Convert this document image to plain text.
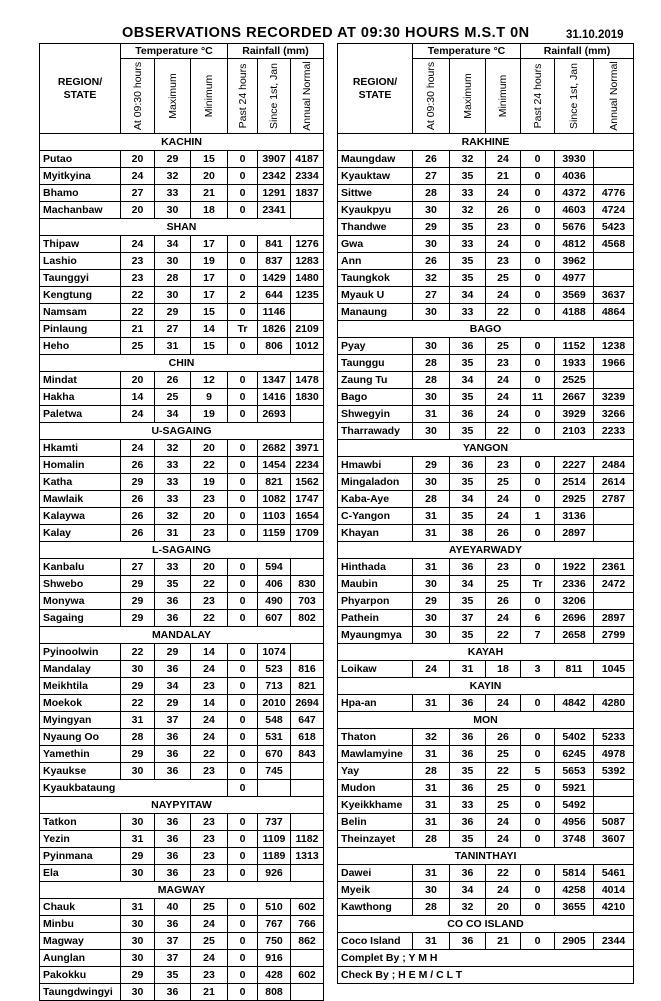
OBSERVATIONS RECORDED AT 09:30 HOURS M.S.T 0N	31.10.2019
REGION/
STATE	Temperature °C			Rainfall (mm)		

	At 09:30 hours	Maximum	Minimum	Past 24 hours	Since 1st, Jan	Annual Normal

KACHIN						
Putao	20	29	15	0	3907	4187
Myitkyina	24	32	20	0	2342	2334
Bhamo	27	33	21	0	1291	1837
Machanbaw	20	30	18	0	2341	
SHAN						
Thipaw	24	34	17	0	841	1276
Lashio	23	30	19	0	837	1283
Taunggyi	23	28	17	0	1429	1480
Kengtung	22	30	17	2	644	1235
Namsam	22	29	15	0	1146	
Pinlaung	21	27	14	Tr	1826	2109
Heho	25	31	15	0	806	1012
CHIN						
Mindat	20	26	12	0	1347	1478
Hakha	14	25	9	0	1416	1830
Paletwa	24	34	19	0	2693	
U-SAGAING						
Hkamti	24	32	20	0	2682	3971
Homalin	26	33	22	0	1454	2234
Katha	29	33	19	0	821	1562
Mawlaik	26	33	23	0	1082	1747
Kalaywa	26	32	20	0	1103	1654
Kalay	26	31	23	0	1159	1709
L-SAGAING						
Kanbalu	27	33	20	0	594	
Shwebo	29	35	22	0	406	830
Monywa	29	36	23	0	490	703
Sagaing	29	36	22	0	607	802
MANDALAY						
Pyinoolwin	22	29	14	0	1074	
Mandalay	30	36	24	0	523	816
Meikhtila	29	34	23	0	713	821
Moekok	22	29	14	0	2010	2694
Myingyan	31	37	24	0	548	647
Nyaung Oo	28	36	24	0	531	618
Yamethin	29	36	22	0	670	843
Kyaukse	30	36	23	0	745	
Kyaukbataung				0		
NAYPYITAW						
Tatkon	30	36	23	0	737	
Yezin	31	36	23	0	1109	1182
Pyinmana	29	36	23	0	1189	1313
Ela	30	36	23	0	926	
MAGWAY						
Chauk	31	40	25	0	510	602
Minbu	30	36	24	0	767	766
Magway	30	37	25	0	750	862
Aunglan	30	37	24	0	916	
Pakokku	29	35	23	0	428	602
Taungdwingyi	30	36	21	0	808	
REGION/
STATE	Temperature °C			Rainfall (mm)		

	At 09:30 hours	Maximum	Minimum	Past 24 hours	Since 1st, Jan	Annual Normal

RAKHINE						
Maungdaw	26	32	24	0	3930	
Kyauktaw	27	35	21	0	4036	
Sittwe	28	33	24	0	4372	4776
Kyaukpyu	30	32	26	0	4603	4724
Thandwe	29	35	23	0	5676	5423
Gwa	30	33	24	0	4812	4568
Ann	26	35	23	0	3962	
Taungkok	32	35	25	0	4977	
Myauk U	27	34	24	0	3569	3637
Manaung	30	33	22	0	4188	4864
BAGO						
Pyay	30	36	25	0	1152	1238
Taunggu	28	35	23	0	1933	1966
Zaung Tu	28	34	24	0	2525	
Bago	30	35	24	11	2667	3239
Shwegyin	31	36	24	0	3929	3266
Tharrawady	30	35	22	0	2103	2233
YANGON						
Hmawbi	29	36	23	0	2227	2484
Mingaladon	30	35	25	0	2514	2614
Kaba-Aye	28	34	24	0	2925	2787
C-Yangon	31	35	24	1	3136	
Khayan	31	38	26	0	2897	
AYEYARWADY						
Hinthada	31	36	23	0	1922	2361
Maubin	30	34	25	Tr	2336	2472
Phyarpon	29	35	26	0	3206	
Pathein	30	37	24	6	2696	2897
Myaungmya	30	35	22	7	2658	2799
KAYAH						
Loikaw	24	31	18	3	811	1045
KAYIN						
Hpa-an	31	36	24	0	4842	4280
MON						
Thaton	32	36	26	0	5402	5233
Mawlamyine	31	36	25	0	6245	4978
Yay	28	35	22	5	5653	5392
Mudon	31	36	25	0	5921	
Kyeikkhame	31	33	25	0	5492	
Belin	31	36	24	0	4956	5087
Theinzayet	28	35	24	0	3748	3607
TANINTHAYI						
Dawei	31	36	22	0	5814	5461
Myeik	30	34	24	0	4258	4014
Kawthong	28	32	20	0	3655	4210
CO CO ISLAND						
Coco Island	31	36	21	0	2905	2344
Complet By ; Y M H						
Check By ; H E M / C L T						
